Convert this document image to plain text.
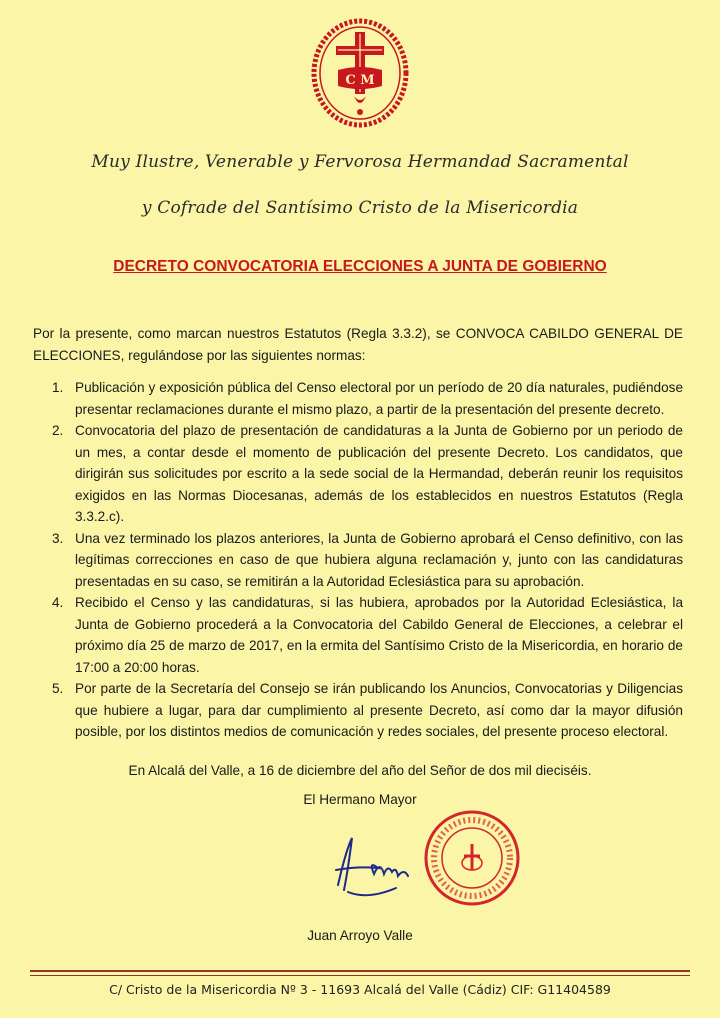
C M
Muy Ilustre, Venerable y Fervorosa Hermandad Sacramental
y Cofrade del Santísimo Cristo de la Misericordia
DECRETO CONVOCATORIA ELECCIONES A JUNTA DE GOBIERNO
Por la presente, como marcan nuestros Estatutos (Regla 3.3.2), se CONVOCA CABILDO GENERAL DE ELECCIONES, regulándose por las siguientes normas:
1. Publicación y exposición pública del Censo electoral por un período de 20 día naturales, pudiéndose presentar reclamaciones durante el mismo plazo, a partir de la presentación del presente decreto.
2. Convocatoria del plazo de presentación de candidaturas a la Junta de Gobierno por un periodo de un mes, a contar desde el momento de publicación del presente Decreto. Los candidatos, que dirigirán sus solicitudes por escrito a la sede social de la Hermandad, deberán reunir los requisitos exigidos en las Normas Diocesanas, además de los establecidos en nuestros Estatutos (Regla 3.3.2.c).
3. Una vez terminado los plazos anteriores, la Junta de Gobierno aprobará el Censo definitivo, con las legítimas correcciones en caso de que hubiera alguna reclamación y, junto con las candidaturas presentadas en su caso, se remitirán a la Autoridad Eclesiástica para su aprobación.
4. Recibido el Censo y las candidaturas, si las hubiera, aprobados por la Autoridad Eclesiástica, la Junta de Gobierno procederá a la Convocatoria del Cabildo General de Elecciones, a celebrar el próximo día 25 de marzo de 2017, en la ermita del Santísimo Cristo de la Misericordia, en horario de 17:00 a 20:00 horas.
5. Por parte de la Secretaría del Consejo se irán publicando los Anuncios, Convocatorias y Diligencias que hubiere a lugar, para dar cumplimiento al presente Decreto, así como dar la mayor difusión posible, por los distintos medios de comunicación y redes sociales, del presente proceso electoral.
En Alcalá del Valle, a 16 de diciembre del año del Señor de dos mil dieciséis.
El Hermano Mayor
Juan Arroyo Valle
C/ Cristo de la Misericordia Nº 3 - 11693 Alcalá del Valle (Cádiz) CIF: G11404589
